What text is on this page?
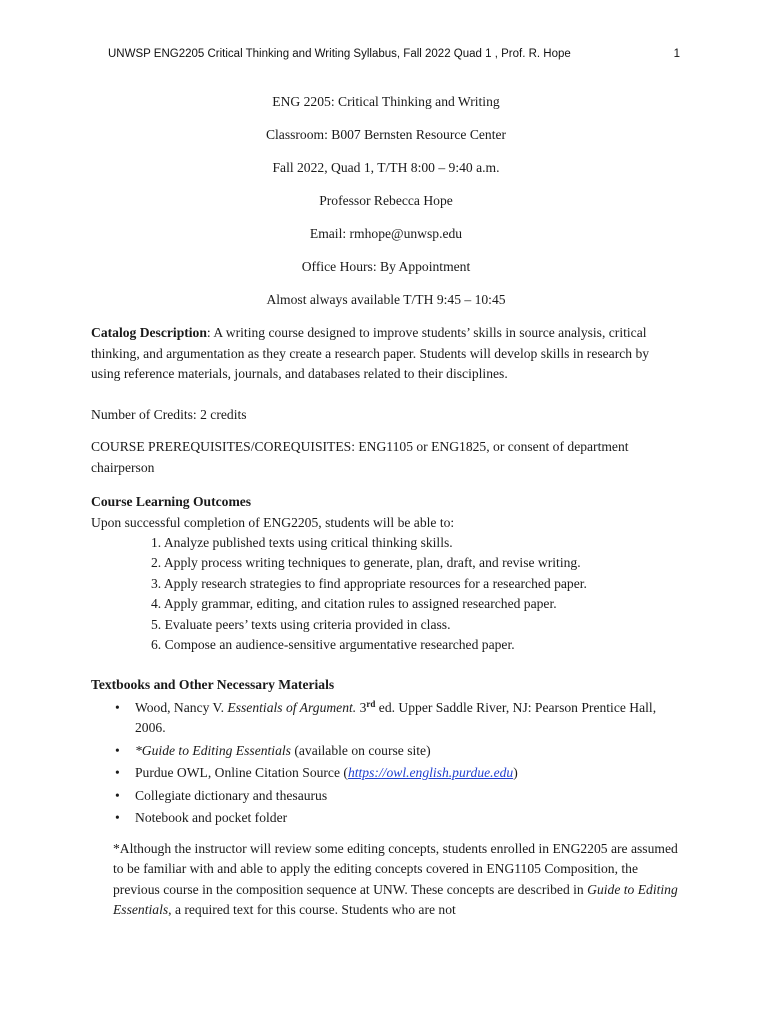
UNWSP ENG2205 Critical Thinking and Writing Syllabus, Fall 2022 Quad 1 , Prof. R. Hope	1

ENG 2205: Critical Thinking and Writing

Classroom: B007 Bernsten Resource Center

Fall 2022, Quad 1, T/TH 8:00 – 9:40 a.m.

Professor Rebecca Hope

Email: rmhope@unwsp.edu

Office Hours: By Appointment

Almost always available T/TH 9:45 – 10:45

Catalog Description: A writing course designed to improve students’ skills in source analysis, critical thinking, and argumentation as they create a research paper. Students will develop skills in research by using reference materials, journals, and databases related to their disciplines.

Number of Credits: 2 credits

COURSE PREREQUISITES/COREQUISITES: ENG1105 or ENG1825, or consent of department chairperson

Course Learning Outcomes

Upon successful completion of ENG2205, students will be able to:

1. Analyze published texts using critical thinking skills.
2. Apply process writing techniques to generate, plan, draft, and revise writing.
3. Apply research strategies to find appropriate resources for a researched paper.
4. Apply grammar, editing, and citation rules to assigned researched paper.
5. Evaluate peers’ texts using criteria provided in class.
6. Compose an audience-sensitive argumentative researched paper.

Textbooks and Other Necessary Materials

• Wood, Nancy V. Essentials of Argument. 3rd ed. Upper Saddle River, NJ: Pearson Prentice Hall, 2006.
• *Guide to Editing Essentials (available on course site)
• Purdue OWL, Online Citation Source (https://owl.english.purdue.edu)
• Collegiate dictionary and thesaurus
• Notebook and pocket folder

*Although the instructor will review some editing concepts, students enrolled in ENG2205 are assumed to be familiar with and able to apply the editing concepts covered in ENG1105 Composition, the previous course in the composition sequence at UNW. These concepts are described in Guide to Editing Essentials, a required text for this course. Students who are not
